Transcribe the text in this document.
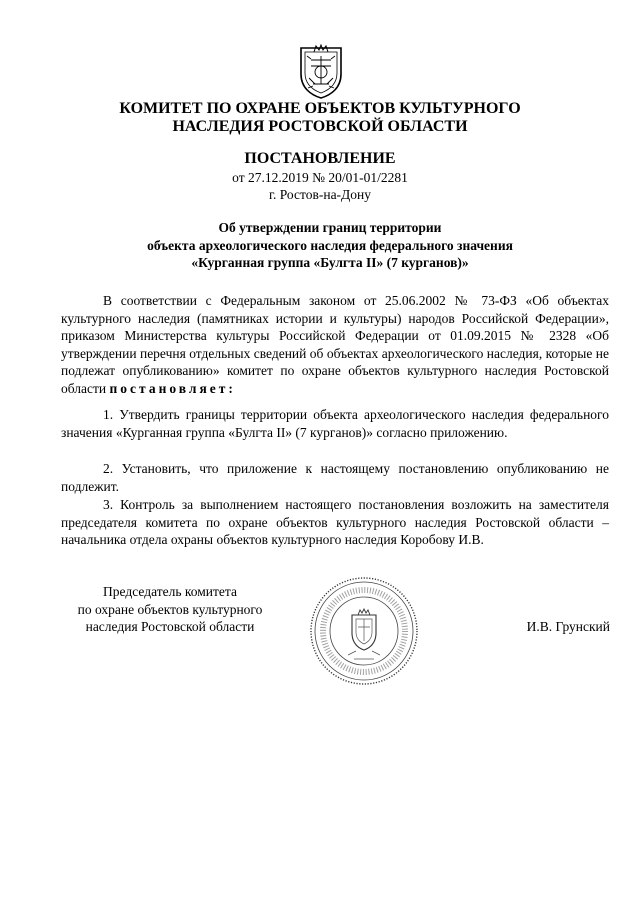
КОМИТЕТ ПО ОХРАНЕ ОБЪЕКТОВ КУЛЬТУРНОГО
НАСЛЕДИЯ РОСТОВСКОЙ ОБЛАСТИ
ПОСТАНОВЛЕНИЕ
от 27.12.2019 № 20/01-01/2281
г. Ростов-на-Дону
Об утверждении границ территории
объекта археологического наследия федерального значения
«Курганная группа «Булгта II» (7 курганов)»
В соответствии с Федеральным законом от 25.06.2002 № 73-ФЗ «Об объектах культурного наследия (памятниках истории и культуры) народов Российской Федерации», приказом Министерства культуры Российской Федерации от 01.09.2015 № 2328 «Об утверждении перечня отдельных сведений об объектах археологического наследия, которые не подлежат опубликованию» комитет по охране объектов культурного наследия Ростовской области постановляет:
1. Утвердить границы территории объекта археологического наследия федерального значения «Курганная группа «Булгта II» (7 курганов)» согласно приложению.
2. Установить, что приложение к настоящему постановлению опубликованию не подлежит.
3. Контроль за выполнением настоящего постановления возложить на заместителя председателя комитета по охране объектов культурного наследия Ростовской области – начальника отдела охраны объектов культурного наследия Коробову И.В.
Председатель комитета
по охране объектов культурного
наследия Ростовской области	И.В. Грунский
